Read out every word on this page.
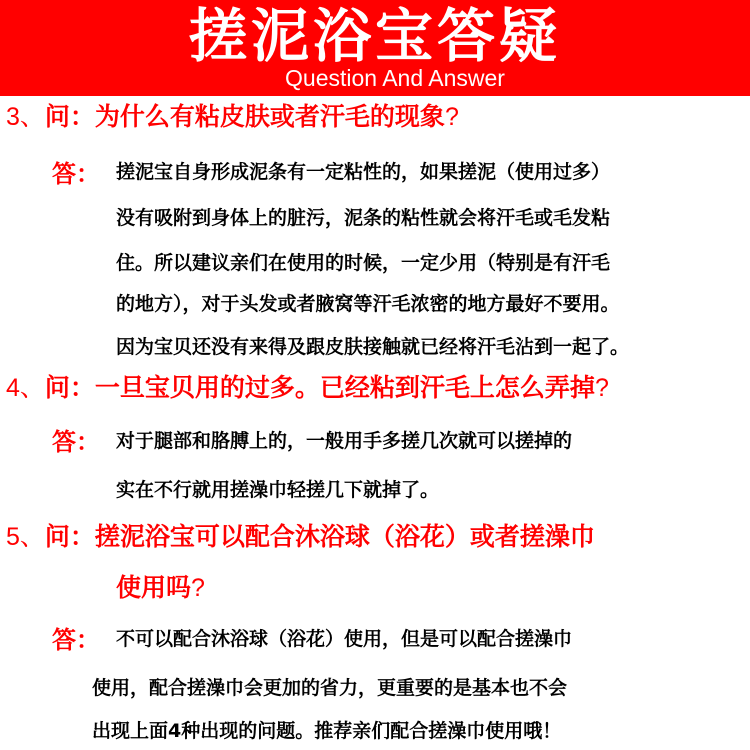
搓泥浴宝答疑
Question And Answer
3、问：为什么有粘皮肤或者汗毛的现象?
答： 搓泥宝自身形成泥条有一定粘性的，如果搓泥（使用过多）
没有吸附到身体上的脏污，泥条的粘性就会将汗毛或毛发粘
住。所以建议亲们在使用的时候，一定少用（特别是有汗毛
的地方），对于头发或者腋窝等汗毛浓密的地方最好不要用。
因为宝贝还没有来得及跟皮肤接触就已经将汗毛沾到一起了。
4、问：一旦宝贝用的过多。已经粘到汗毛上怎么弄掉?
答： 对于腿部和胳膊上的，一般用手多搓几次就可以搓掉的
实在不行就用搓澡巾轻搓几下就掉了。
5、问：搓泥浴宝可以配合沐浴球（浴花）或者搓澡巾
使用吗?
答： 不可以配合沐浴球（浴花）使用，但是可以配合搓澡巾
使用，配合搓澡巾会更加的省力，更重要的是基本也不会
出现上面4种出现的问题。推荐亲们配合搓澡巾使用哦！
